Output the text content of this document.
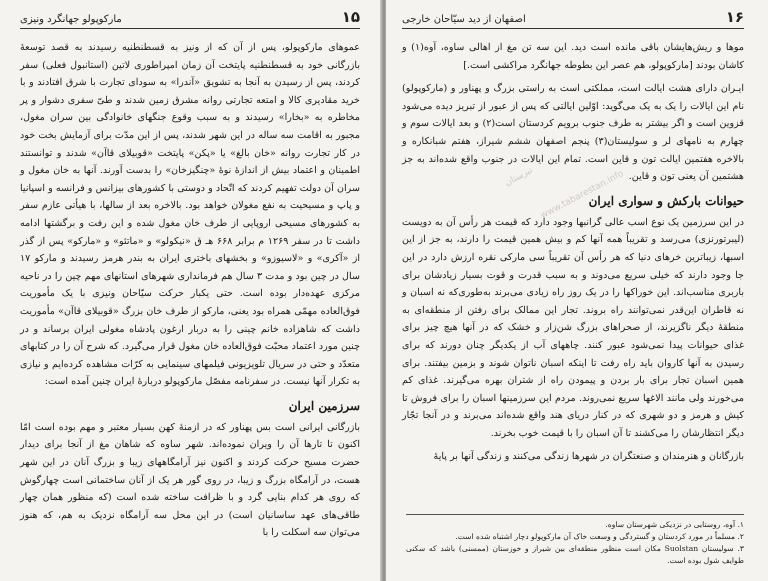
۱۵
مارکوپولو جهانگرد ونیزی

عموهای مارکوپولو، پس از آن که از ونیز به قسطنطنیه رسیدند به قصد توسعهٔ بازرگانی خود به قسطنطنیه پایتخت آن زمان امپراطوری لاتین (استانبول فعلی) سفر کردند، پس از رسیدن به آنجا به تشویق «آندرا» به سودای تجارت با شرق افتادند و با خرید مقادیری کالا و امتعه تجارتی روانه مشرق زمین شدند و طیّ سفری دشوار و پر مخاطره به «بخارا» رسیدند و به سبب وقوع جنگهای خانوادگی بین سران مغول، مجبور به اقامت سه ساله در این شهر شدند، پس از این مدّت برای آزمایش بخت خود در کار تجارت روانه «خان بالغ» یا «پکن» پایتخت «قوبیلای قاآن» شدند و توانستند اطمینان و اعتماد بیش از اندازهٔ نوهٔ «چنگیزخان» را بدست آورند. آنها به خان مغول و سران آن دولت تفهیم کردند که اتّحاد و دوستی با کشورهای بیزانس و فرانسه و اسپانیا و پاپ و مسیحیت به نفع مغولان خواهد بود. بالاخره بعد از سالها، با هیأتی عازم سفر به کشورهای مسیحی اروپایی از طرف خان مغول شده و این رفت و برگشتها ادامه داشت تا در سفر ۱۲۶۹ م برابر ۶۶۸ هـ ق «نیکولو» و «ماتئو» و «مارکو» پس از گذر از «آکری» و «لاسیوزو» و بخشهای باختری ایران به بندر هرمز رسیدند و مارکو ۱۷ سال در چین بود و مدت ۳ سال هم فرمانداری شهرهای استانهای مهم چین را در ناحیه مرکزی عهده‌دار بوده است. حتی یکبار حرکت سیّاحان ونیزی با یک مأموریت فوق‌العاده مهمّی همراه بود یعنی، مارکو از طرف خان بزرگ «قوبیلای قاآن» مأموریت داشت که شاهزاده خانم چینی را به دربار ارغون پادشاه مغولی ایران برساند و در چنین مورد اعتماد محبّت فوق‌العاده خان مغول قرار می‌گیرد. که شرح آن را در کتابهای متعدّد و حتی در سریال تلویزیونی فیلمهای سینمایی به کرّات مشاهده کرده‌ایم و نیازی به تکرار آنها نیست. در سفرنامه مفصّل مارکوپولو دربارهٔ ایران چنین آمده است:

سرزمین ایران

بازرگانی ایرانی است بس پهناور که در ازمنهٔ کهن بسیار معتبر و مهم بوده است امّا اکنون تا تارها آن را ویران نموده‌اند. شهر ساوه که شاهان مغ از آنجا برای دیدار حضرت مسیح حرکت کردند و اکنون نیز آرامگاههای زیبا و بزرگ آنان در این شهر هست، در آرامگاه بزرگ و زیبا، در روی گور هر یک از آنان ساختمانی است چهارگوش که روی هر کدام بنایی گرد و با ظرافت ساخته شده است (که منظور همان چهار طاقی‌های عهد ساسانیان است) در این محل سه آرامگاه نزدیک به هم، که هنوز می‌توان سه اسکلت را با

۱۶
اصفهان از دید سیّاحان خارجی

موها و ریش‌هایشان باقی مانده است دید. این سه تن مغ از اهالی ساوه، آوه(۱) و کاشان بودند [مارکوپولو، هم عصر این بطوطه جهانگرد مراکشی است.]

ایـران دارای هشت ایالت است، مملکتی است به راستی بزرگ و پهناور و (مارکوپولو) نام این ایالات را یک به یک می‌گوید: اوّلین ایالتی که پس از عبور از تبریز دیده می‌شود قزوین است و اگر بیشتر به طرف جنوب برویم کردستان است(۲) و بعد ایالات سوم و چهارم به نامهای لر و سولیستان(۳) پنجم اصفهان ششم شیراز، هفتم شبانکاره و بالاخره هفتمین ایالت تون و قاین است. تمام این ایالات در جنوب واقع شده‌اند به جز هشتمین آن یعنی تون و قاین.

حیوانات بارکش و سواری ایران

در این سرزمین یک نوع اسب عالی گرانبها وجود دارد که قیمت هر رأس آن به دویست (لیبرتورنزی) می‌رسد و تقریباً همه آنها کم و بیش همین قیمت را دارند، به جز از این اسبها، زیباترین خرهای دنیا که هر رأس آن تقریباً سی مارکی نقره ارزش دارد در این جا وجود دارند که خیلی سریع می‌دوند و به سبب قدرت و قوت بسیار زیادشان برای باربری مناسب‌اند. این خورا‌کها را در یک روز راه زیادی می‌برند به‌طوری‌که نه اسبان و نه قاطران این‌قدر نمی‌توانند راه بروند. تجار این ممالک برای رفتن از منطقه‌ای به منطقهٔ دیگر ناگزیرند، از صحراهای بزرگ شن‌زار و خشک که در آنها هیچ چیز برای غذای حیوانات پیدا نمی‌شود عبور کنند. چاههای آب از یکدیگر چنان دورند که برای رسیدن به آنها کاروان باید راه رفت تا اینکه اسبان ناتوان شوند و بزمین بیفتند. برای همین اسبان تجار برای بار بردن و پیمودن راه از شتران بهره می‌گیرند. غذای کم می‌خورند ولی مانند الاغها سریع نمی‌روند. مردم این سرزمینها اسبان را برای فروش تا کیش و هرمز و دو شهری که در کنار دریای هند واقع شده‌اند می‌برند و در آنجا تجّار دیگر انتظارشان را می‌کشند تا آن اسبان را با قیمت خوب بخرند.

بازرگانان و هنرمندان و صنعتگران در شهرها زندگی می‌کنند و زندگی آنها بر پایهٔ

www.tabarestan.info
تبرستان
۱. آوه، روستایی در نزدیکی شهرستان ساوه.
۲. مسلماً در مورد کردستان و گستردگی و وسعت خاک آن مارکوپولو دچار اشتباه شده است.
۳. سولیستان Suolstan مکان است منظور منطقه‌ای بین شیراز و خوزستان (ممسنی) باشد که سکنی طوایف شول بوده است.
